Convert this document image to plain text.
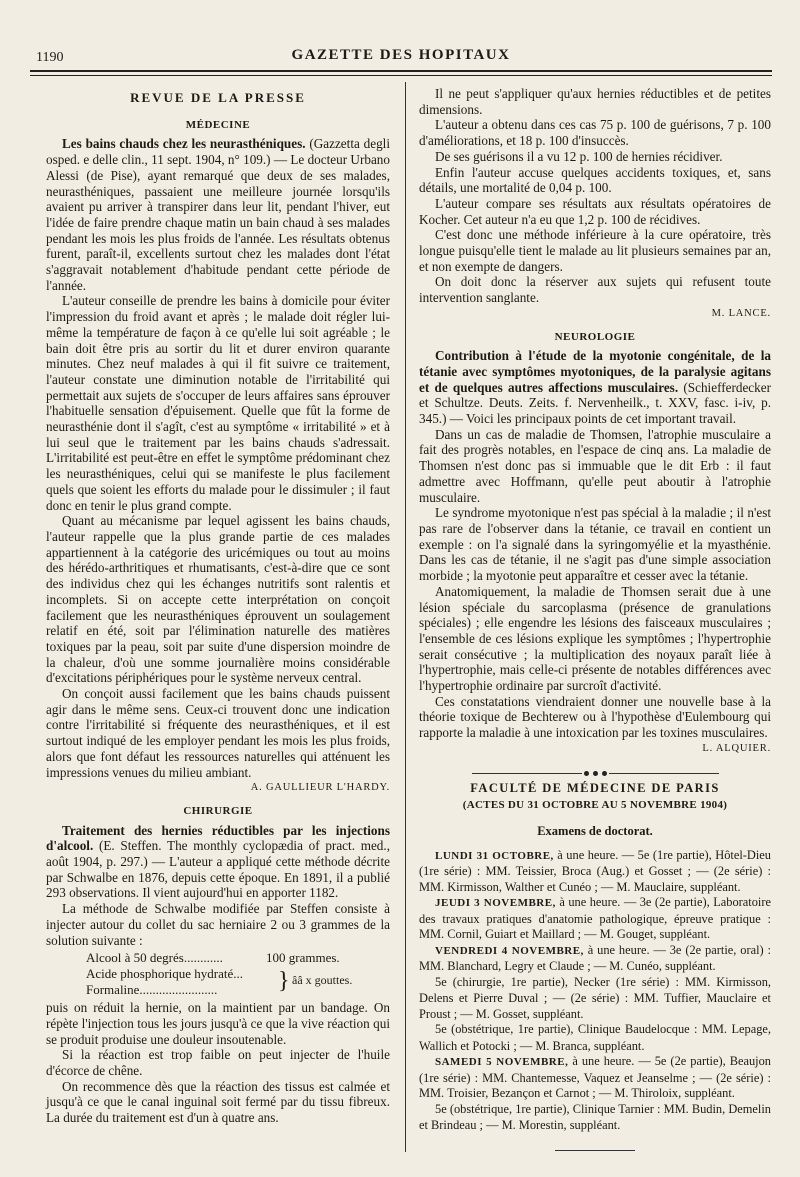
1190	GAZETTE DES HOPITAUX
REVUE DE LA PRESSE
MÉDECINE

Les bains chauds chez les neurasthéniques. (Gazzetta degli osped. e delle clin., 11 sept. 1904, n° 109.) — Le docteur Urbano Alessi (de Pise), ayant remarqué que deux de ses malades, neurasthéniques, passaient une meilleure journée lorsqu'ils avaient pu arriver à transpirer dans leur lit, pendant l'hiver, eut l'idée de faire prendre chaque matin un bain chaud à ses malades pendant les mois les plus froids de l'année. Les résultats obtenus furent, paraît-il, excellents surtout chez les malades dont l'état s'aggravait notablement d'habitude pendant cette période de l'année.

L'auteur conseille de prendre les bains à domicile pour éviter l'impression du froid avant et après ; le malade doit régler lui-même la température de façon à ce qu'elle lui soit agréable ; le bain doit être pris au sortir du lit et durer environ quarante minutes. Chez neuf malades à qui il fit suivre ce traitement, l'auteur constate une diminution notable de l'irritabilité qui permettait aux sujets de s'occuper de leurs affaires sans éprouver l'habituelle sensation d'épuisement. Quelle que fût la forme de neurasthénie dont il s'agît, c'est au symptôme « irritabilité » et à lui seul que le traitement par les bains chauds s'adressait. L'irritabilité est peut-être en effet le symptôme prédominant chez les neurasthéniques, celui qui se manifeste le plus facilement quels que soient les efforts du malade pour le dissimuler ; il faut donc en tenir le plus grand compte.

Quant au mécanisme par lequel agissent les bains chauds, l'auteur rappelle que la plus grande partie de ces malades appartiennent à la catégorie des uricémiques ou tout au moins des hérédo-arthritiques et rhumatisants, c'est-à-dire que ce sont des individus chez qui les échanges nutritifs sont ralentis et incomplets. Si on accepte cette interprétation on conçoit facilement que les neurasthéniques éprouvent un soulagement relatif en été, soit par l'élimination naturelle des matières toxiques par la peau, soit par suite d'une dispersion moindre de la chaleur, d'où une somme journalière moins considérable d'excitations périphériques pour le système nerveux central.

On conçoit aussi facilement que les bains chauds puissent agir dans le même sens. Ceux-ci trouvent donc une indication contre l'irritabilité si fréquente des neurasthéniques, et il est surtout indiqué de les employer pendant les mois les plus froids, alors que font défaut les ressources naturelles qui atténuent les impressions venues du milieu ambiant.

A. GAULLIEUR L'HARDY.
CHIRURGIE

Traitement des hernies réductibles par les injections d'alcool. (E. Steffen. The monthly cyclopædia of pract. med., août 1904, p. 297.) — L'auteur a appliqué cette méthode décrite par Schwalbe en 1876, depuis cette époque. En 1891, il a publié 293 observations. Il vient aujourd'hui en apporter 1182.

La méthode de Schwalbe modifiée par Steffen consiste à injecter autour du collet du sac herniaire 2 ou 3 grammes de la solution suivante :

Alcool à 50 degrés............	100 grammes.
Acide phosphorique hydraté...
Formaline........................	} ââ x gouttes.

puis on réduit la hernie, on la maintient par un bandage. On répète l'injection tous les jours jusqu'à ce que la vive réaction qui se produit produise une douleur insoutenable.

Si la réaction est trop faible on peut injecter de l'huile d'écorce de chêne.

On recommence dès que la réaction des tissus est calmée et jusqu'à ce que le canal inguinal soit fermé par du tissu fibreux. La durée du traitement est d'un à quatre ans.

Il ne peut s'appliquer qu'aux hernies réductibles et de petites dimensions.

L'auteur a obtenu dans ces cas 75 p. 100 de guérisons, 7 p. 100 d'améliorations, et 18 p. 100 d'insuccès.

De ses guérisons il a vu 12 p. 100 de hernies récidiver.

Enfin l'auteur accuse quelques accidents toxiques, et, sans détails, une mortalité de 0,04 p. 100.

L'auteur compare ses résultats aux résultats opératoires de Kocher. Cet auteur n'a eu que 1,2 p. 100 de récidives.

C'est donc une méthode inférieure à la cure opératoire, très longue puisqu'elle tient le malade au lit plusieurs semaines par an, et non exempte de dangers.

On doit donc la réserver aux sujets qui refusent toute intervention sanglante.

M. LANCE.
NEUROLOGIE

Contribution à l'étude de la myotonie congénitale, de la tétanie avec symptômes myotoniques, de la paralysie agitans et de quelques autres affections musculaires. (Schiefferdecker et Schultze. Deuts. Zeits. f. Nervenheilk., t. XXV, fasc. i-iv, p. 345.) — Voici les principaux points de cet important travail.

Dans un cas de maladie de Thomsen, l'atrophie musculaire a fait des progrès notables, en l'espace de cinq ans. La maladie de Thomsen n'est donc pas si immuable que le dit Erb : il faut admettre avec Hoffmann, qu'elle peut aboutir à l'atrophie musculaire.

Le syndrome myotonique n'est pas spécial à la maladie ; il n'est pas rare de l'observer dans la tétanie, ce travail en contient un exemple : on l'a signalé dans la syringomyélie et la myasthénie. Dans les cas de tétanie, il ne s'agit pas d'une simple association morbide ; la myotonie peut apparaître et cesser avec la tétanie.

Anatomiquement, la maladie de Thomsen serait due à une lésion spéciale du sarcoplasma (présence de granulations spéciales) ; elle engendre les lésions des faisceaux musculaires ; l'ensemble de ces lésions explique les symptômes ; l'hypertrophie serait consécutive ; la multiplication des noyaux paraît liée à l'hypertrophie, mais celle-ci présente de notables différences avec l'hypertrophie ordinaire par surcroît d'activité.

Ces constatations viendraient donner une nouvelle base à la théorie toxique de Bechterew ou à l'hypothèse d'Eulembourg qui rapporte la maladie à une intoxication par les toxines musculaires.

L. ALQUIER.
FACULTÉ DE MÉDECINE DE PARIS
(ACTES DU 31 OCTOBRE AU 5 NOVEMBRE 1904)
Examens de doctorat.

LUNDI 31 OCTOBRE, à une heure. — 5e (1re partie), Hôtel-Dieu (1re série) : MM. Teissier, Broca (Aug.) et Gosset ; — (2e série) : MM. Kirmisson, Walther et Cunéo ; — M. Mauclaire, suppléant.

JEUDI 3 NOVEMBRE, à une heure. — 3e (2e partie), Laboratoire des travaux pratiques d'anatomie pathologique, épreuve pratique : MM. Cornil, Guiart et Maillard ; — M. Gouget, suppléant.

VENDREDI 4 NOVEMBRE, à une heure. — 3e (2e partie, oral) : MM. Blanchard, Legry et Claude ; — M. Cunéo, suppléant.

5e (chirurgie, 1re partie), Necker (1re série) : MM. Kirmisson, Delens et Pierre Duval ; — (2e série) : MM. Tuffier, Mauclaire et Proust ; — M. Gosset, suppléant.

5e (obstétrique, 1re partie), Clinique Baudelocque : MM. Lepage, Wallich et Potocki ; — M. Branca, suppléant.

SAMEDI 5 NOVEMBRE, à une heure. — 5e (2e partie), Beaujon (1re série) : MM. Chantemesse, Vaquez et Jeanselme ; — (2e série) : MM. Troisier, Bezançon et Carnot ; — M. Thiroloix, suppléant.

5e (obstétrique, 1re partie), Clinique Tarnier : MM. Budin, Demelin et Brindeau ; — M. Morestin, suppléant.
